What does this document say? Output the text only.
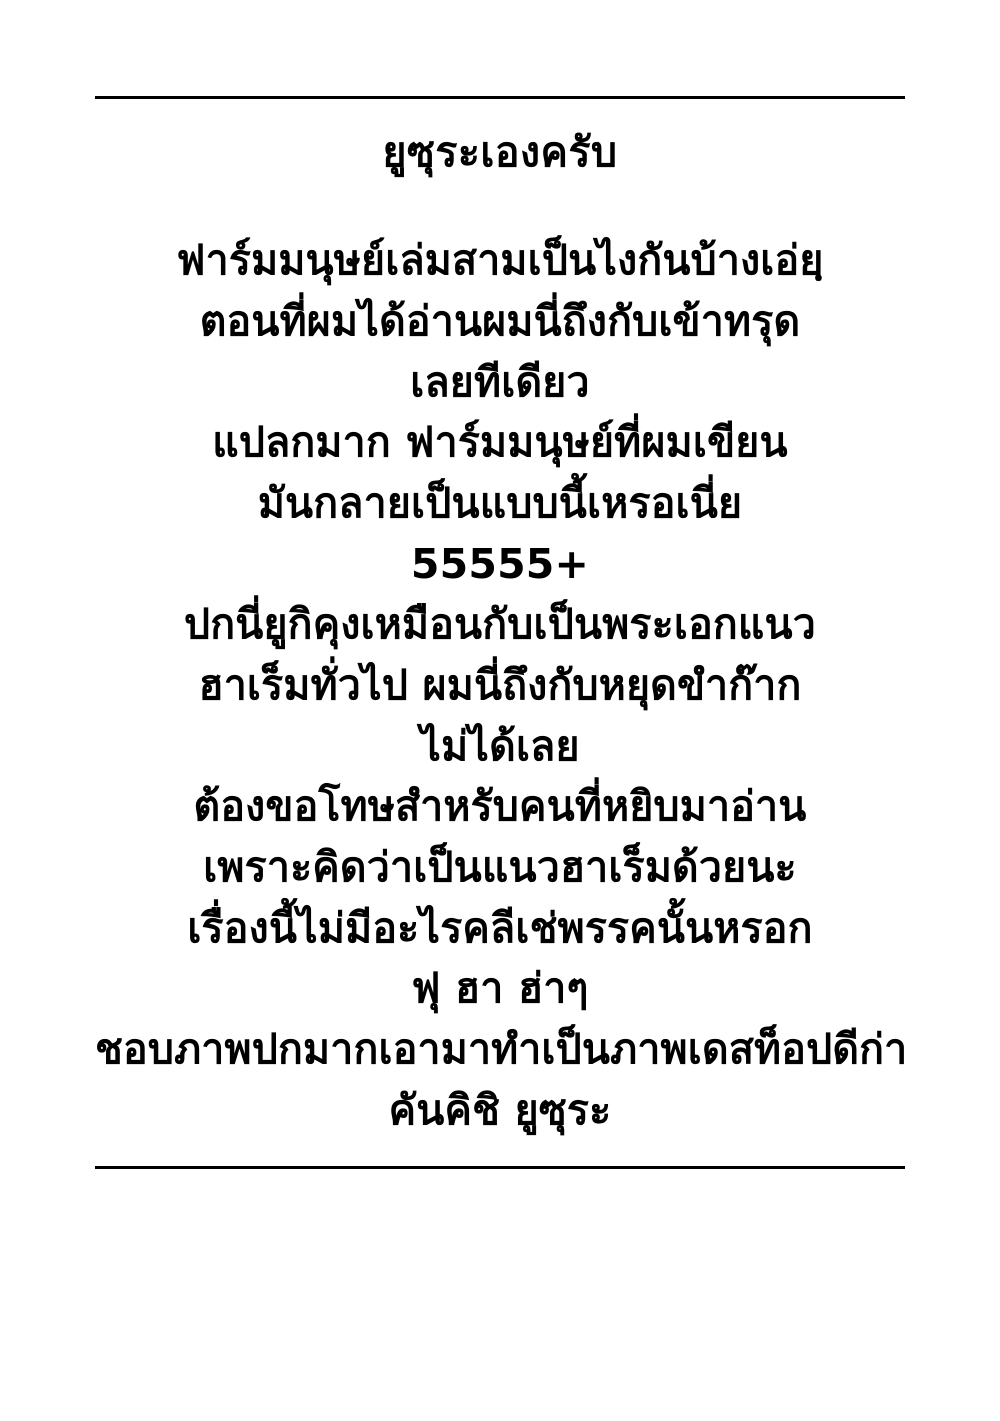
ยูซุระเองครับ
ฟาร์มมนุษย์เล่มสามเป็นไงกันบ้างเอ่ยฺ
ตอนที่ผมได้อ่านผมนี่ถึงกับเข้าทรุด
เลยทีเดียว
แปลกมาก ฟาร์มมนุษย์ที่ผมเขียน
มันกลายเป็นแบบนี้เหรอเนี่ย
55555+
ปกนี่ยูกิคุงเหมือนกับเป็นพระเอกแนว
ฮาเร็มทั่วไป ผมนี่ถึงกับหยุดขำก๊าก
ไม่ได้เลย
ต้องขอโทษสำหรับคนที่หยิบมาอ่าน
เพราะคิดว่าเป็นแนวฮาเร็มด้วยนะ
เรื่องนี้ไม่มีอะไรคลีเช่พรรคนั้นหรอก
ฟุ ฮา ฮ่าๆ
ชอบภาพปกมากเอามาทำเป็นภาพเดสท็อปดีก่า
คันคิชิ ยูซุระ
